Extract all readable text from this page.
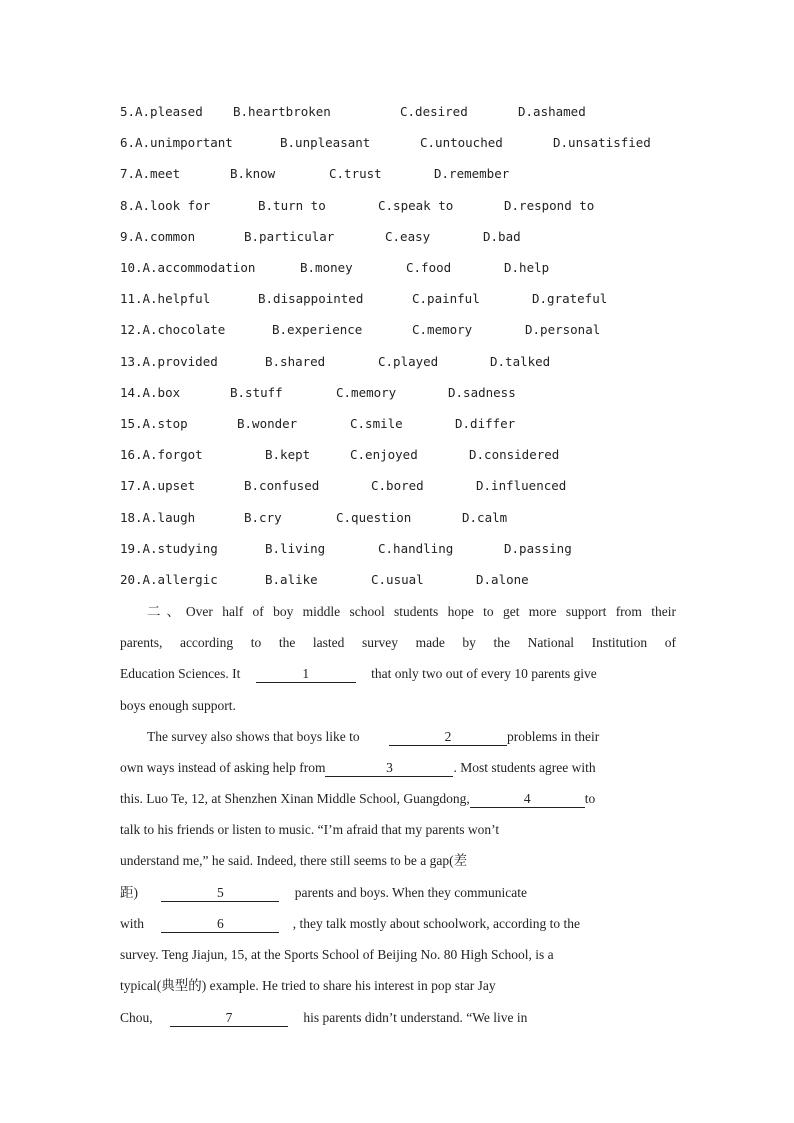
5. A.pleased B.heartbroken	C.desired	D.ashamed
6. A.unimportant	B.unpleasant	C.untouched	D.unsatisfied
7. A.meet	B.know	C.trust	D.remember
8. A.look for	B.turn to	C.speak to	D.respond to
9. A.common	B.particular	C.easy	D.bad
10. A.accommodation	B.money	C.food	D.help
11. A.helpful	B.disappointed	C.painful	D.grateful
12. A.chocolate	B.experience	C.memory	D.personal
13. A.provided	B.shared	C.played	D.talked
14. A.box	B.stuff	C.memory	D.sadness
15. A.stop	B.wonder	C.smile	D.differ
16. A.forgot	B.kept	C.enjoyed	D.considered
17. A.upset	B.confused	C.bored	D.influenced
18. A.laugh	B.cry	C.question	D.calm
19. A.studying	B.living	C.handling	D.passing
20. A.allergic	B.alike	C.usual	D.alone
二、Over half of boy middle school students hope to get more support from their
parents, according to the lasted survey made by the National Institution of
Education Sciences. It	1	that only two out of every 10 parents give
boys enough support.
The survey also shows that boys like to	2	problems in their
own ways instead of asking help from	3	. Most students agree with
this. Luo Te, 12, at Shenzhen Xinan Middle School, Guangdong,	4	to
talk to his friends or listen to music. “I’m afraid that my parents won’t
understand me,” he said. Indeed, there still seems to be a gap(差
距)	5	parents and boys. When they communicate
with	6	, they talk mostly about schoolwork, according to the
survey. Teng Jiajun, 15, at the Sports School of Beijing No. 80 High School, is a
typical(典型的) example. He tried to share his interest in pop star Jay
Chou,	7	his parents didn’t understand. “We live in
